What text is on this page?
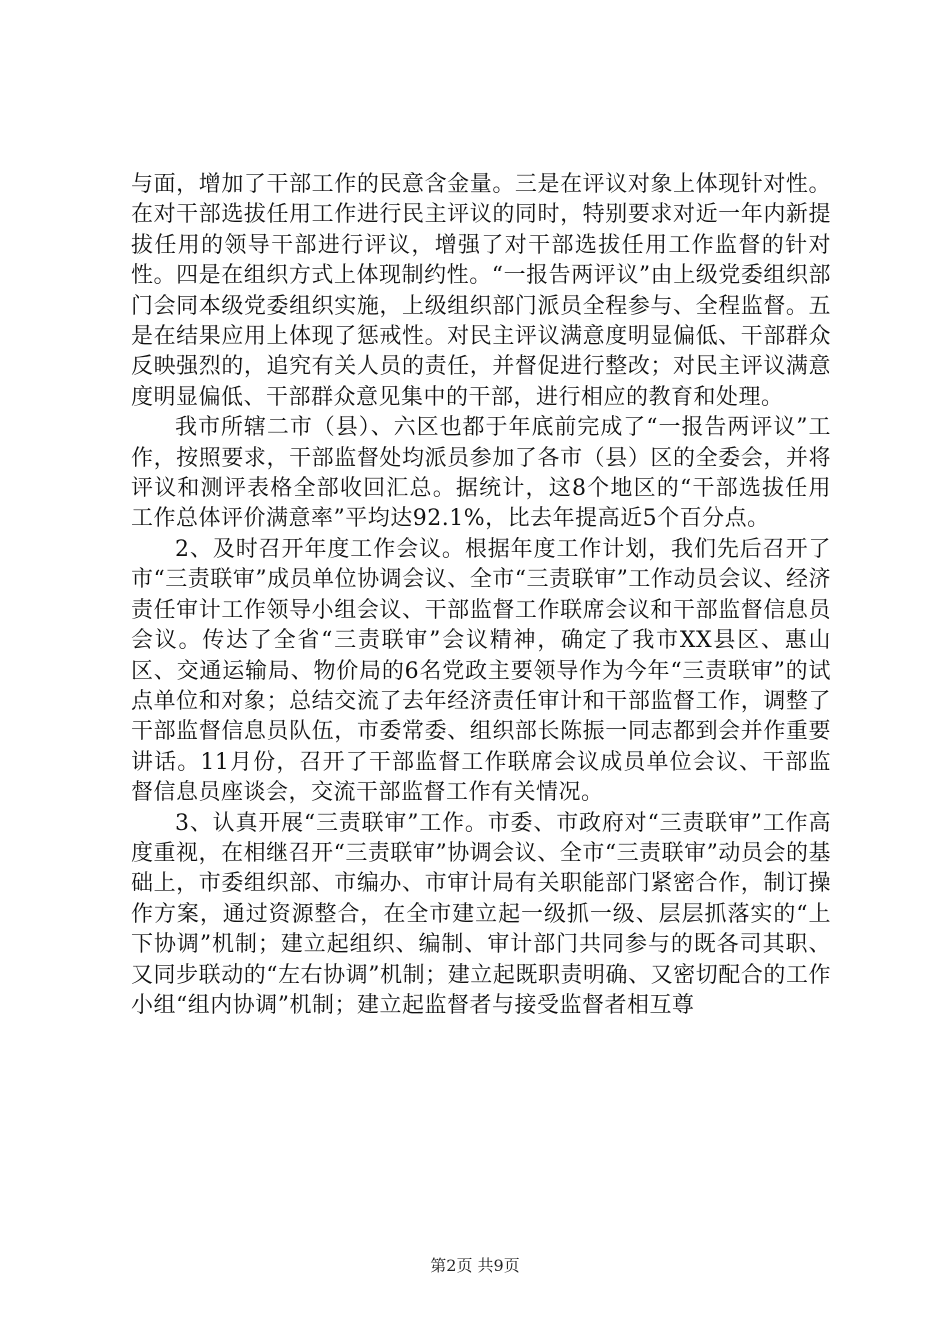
与面，增加了干部工作的民意含金量。三是在评议对象上体现针对性。在对干部选拔任用工作进行民主评议的同时，特别要求对近一年内新提拔任用的领导干部进行评议，增强了对干部选拔任用工作监督的针对性。四是在组织方式上体现制约性。“一报告两评议”由上级党委组织部门会同本级党委组织实施，上级组织部门派员全程参与、全程监督。五是在结果应用上体现了惩戒性。对民主评议满意度明显偏低、干部群众反映强烈的，追究有关人员的责任，并督促进行整改；对民主评议满意度明显偏低、干部群众意见集中的干部，进行相应的教育和处理。

我市所辖二市（县）、六区也都于年底前完成了“一报告两评议”工作，按照要求，干部监督处均派员参加了各市（县）区的全委会，并将评议和测评表格全部收回汇总。据统计，这8个地区的“干部选拔任用工作总体评价满意率”平均达92.1%，比去年提高近5个百分点。

2、及时召开年度工作会议。根据年度工作计划，我们先后召开了市“三责联审”成员单位协调会议、全市“三责联审”工作动员会议、经济责任审计工作领导小组会议、干部监督工作联席会议和干部监督信息员会议。传达了全省“三责联审”会议精神，确定了我市XX县区、惠山区、交通运输局、物价局的6名党政主要领导作为今年“三责联审”的试点单位和对象；总结交流了去年经济责任审计和干部监督工作，调整了干部监督信息员队伍，市委常委、组织部长陈振一同志都到会并作重要讲话。11月份，召开了干部监督工作联席会议成员单位会议、干部监督信息员座谈会，交流干部监督工作有关情况。

3、认真开展“三责联审”工作。市委、市政府对“三责联审”工作高度重视，在相继召开“三责联审”协调会议、全市“三责联审”动员会的基础上，市委组织部、市编办、市审计局有关职能部门紧密合作，制订操作方案，通过资源整合，在全市建立起一级抓一级、层层抓落实的“上下协调”机制；建立起组织、编制、审计部门共同参与的既各司其职、又同步联动的“左右协调”机制；建立起既职责明确、又密切配合的工作小组“组内协调”机制；建立起监督者与接受监督者相互尊

第2页 共9页
